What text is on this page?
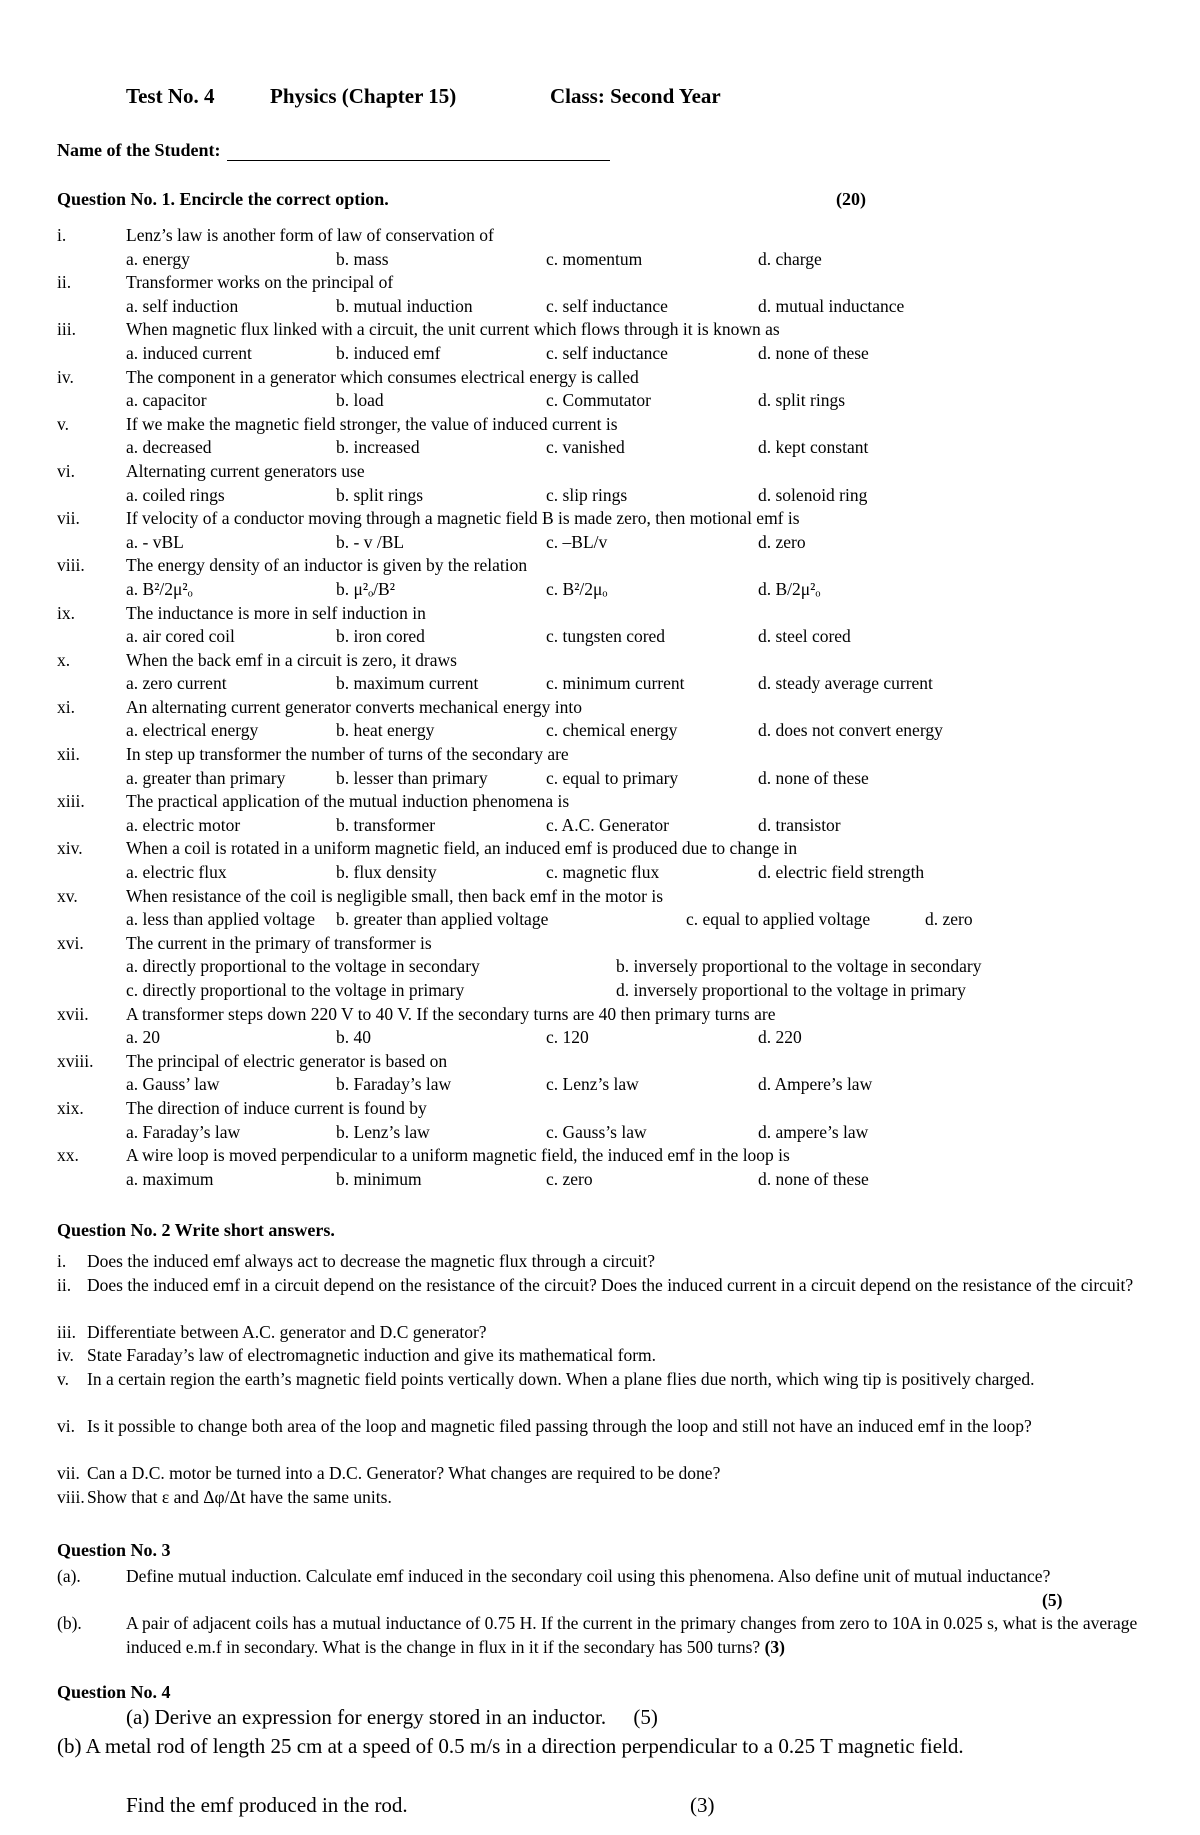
Test No. 4	Physics (Chapter 15)	Class: Second Year
Name of the Student:
Question No. 1. Encircle the correct option.	(20)
i.	Lenz’s law is another form of law of conservation of
a. energy	b. mass	c. momentum	d. charge
ii.	Transformer works on the principal of
a. self induction	b. mutual induction	c. self inductance	d. mutual inductance
iii.	When magnetic flux linked with a circuit, the unit current which flows through it is known as
a. induced current	b. induced emf	c. self inductance	d. none of these
iv.	The component in a generator which consumes electrical energy is called
a. capacitor	b. load	c. Commutator	d. split rings
v.	If we make the magnetic field stronger, the value of induced current is
a. decreased	b. increased	c. vanished	d. kept constant
vi.	Alternating current generators use
a. coiled rings	b. split rings	c. slip rings	d. solenoid ring
vii.	If velocity of a conductor moving through a magnetic field B is made zero, then motional emf is
a. - vBL	b. - v /BL	c. –BL/v	d. zero
viii. The energy density of an inductor is given by the relation
a. B²/2μ²ₒ	b. μ²ₒ/B²	c. B²/2μₒ	d. B/2μ²ₒ
ix.	The inductance is more in self induction in
a. air cored coil	b. iron cored	c. tungsten cored	d. steel cored
x.	When the back emf in a circuit is zero, it draws
a. zero current	b. maximum current	c. minimum current	d. steady average current
xi.	An alternating current generator converts mechanical energy into
a. electrical energy	b. heat energy	c. chemical energy	d. does not convert energy
xii.	In step up transformer the number of turns of the secondary are
a. greater than primary	b. lesser than primary	c. equal to primary	d. none of these
xiii. The practical application of the mutual induction phenomena is
a. electric motor	b. transformer	c. A.C. Generator	d. transistor
xiv. When a coil is rotated in a uniform magnetic field, an induced emf is produced due to change in
a. electric flux	b. flux density	c. magnetic flux	d. electric field strength
xv.	When resistance of the coil is negligible small, then back emf in the motor is
a. less than applied voltage b. greater than applied voltage	c. equal to applied voltage	d. zero
xvi. The current in the primary of transformer is
a. directly proportional to the voltage in secondary	b. inversely proportional to the voltage in secondary
c. directly proportional to the voltage in primary	d. inversely proportional to the voltage in primary
xvii. A transformer steps down 220 V to 40 V. If the secondary turns are 40 then primary turns are
a. 20	b. 40	c. 120	d. 220
xviii. The principal of electric generator is based on
a. Gauss’ law	b. Faraday’s law	c. Lenz’s law	d. Ampere’s law
xix. The direction of induce current is found by
a. Faraday’s law	b. Lenz’s law	c. Gauss’s law	d. ampere’s law
xx.	A wire loop is moved perpendicular to a uniform magnetic field, the induced emf in the loop is
a. maximum	b. minimum	c. zero	d. none of these
Question No. 2 Write short answers.
i. Does the induced emf always act to decrease the magnetic flux through a circuit?
ii. Does the induced emf in a circuit depend on the resistance of the circuit? Does the induced current in a circuit depend on the resistance of the circuit?
iii. Differentiate between A.C. generator and D.C generator?
iv. State Faraday’s law of electromagnetic induction and give its mathematical form.
v. In a certain region the earth’s magnetic field points vertically down. When a plane flies due north, which wing tip is positively charged.
vi. Is it possible to change both area of the loop and magnetic filed passing through the loop and still not have an induced emf in the loop?
vii. Can a D.C. motor be turned into a D.C. Generator? What changes are required to be done?
viii. Show that ε and Δφ/Δt have the same units.
Question No. 3
(a).	Define mutual induction. Calculate emf induced in the secondary coil using this phenomena. Also define unit of mutual inductance?
(5)
(b).	A pair of adjacent coils has a mutual inductance of 0.75 H. If the current in the primary changes from zero to 10A in 0.025 s, what is the average induced e.m.f in secondary. What is the change in flux in it if the secondary has 500 turns? (3)
Question No. 4
(a) Derive an expression for energy stored in an inductor. (5)
(b) A metal rod of length 25 cm at a speed of 0.5 m/s in a direction perpendicular to a 0.25 T magnetic field.
Find the emf produced in the rod.	(3)
